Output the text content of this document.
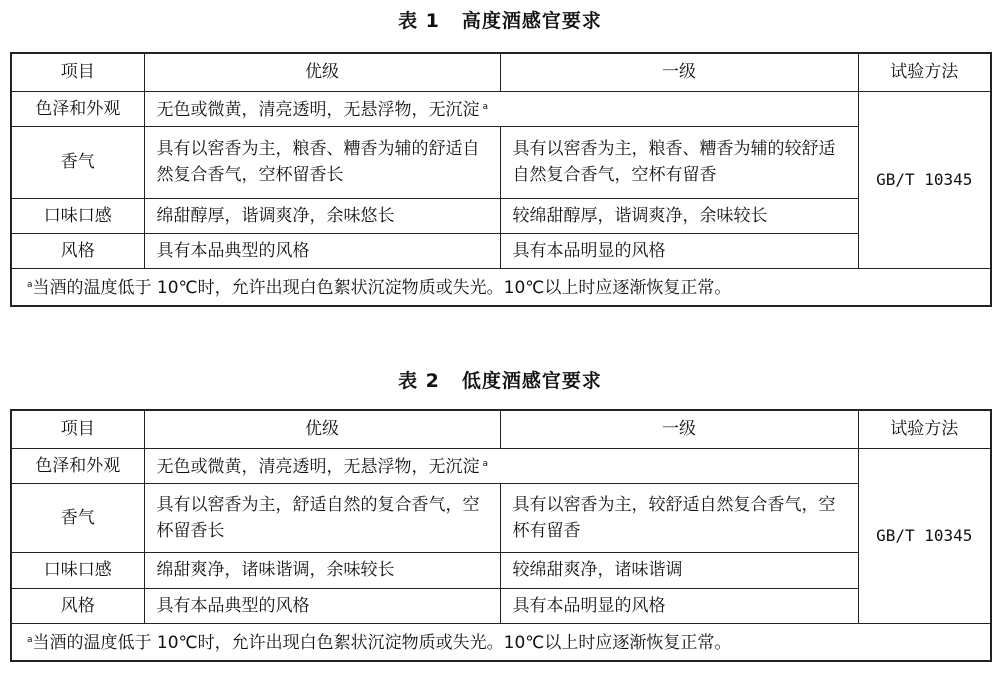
表 1 高度酒感官要求
项目	优级	一级	试验方法
色泽和外观	无色或微黄，清亮透明，无悬浮物，无沉淀 $^a$		GB/T 10345
香气	具有以窖香为主，粮香、糟香为辅的舒适自然复合香气，空杯留香长	具有以窖香为主，粮香、糟香为辅的较舒适自然复合香气，空杯有留香	
口味口感	绵甜醇厚，谐调爽净，余味悠长	较绵甜醇厚，谐调爽净，余味较长	
风格	具有本品典型的风格	具有本品明显的风格	
$^a$当酒的温度低于 10℃时，允许出现白色絮状沉淀物质或失光。10℃以上时应逐渐恢复正常。			
表 2 低度酒感官要求
项目	优级	一级	试验方法
色泽和外观	无色或微黄，清亮透明，无悬浮物，无沉淀 $^a$		GB/T 10345
香气	具有以窖香为主，舒适自然的复合香气，空杯留香长	具有以窖香为主，较舒适自然复合香气，空杯有留香	
口味口感	绵甜爽净，诸味谐调，余味较长	较绵甜爽净，诸味谐调	
风格	具有本品典型的风格	具有本品明显的风格	
$^a$当酒的温度低于 10℃时，允许出现白色絮状沉淀物质或失光。10℃以上时应逐渐恢复正常。			
